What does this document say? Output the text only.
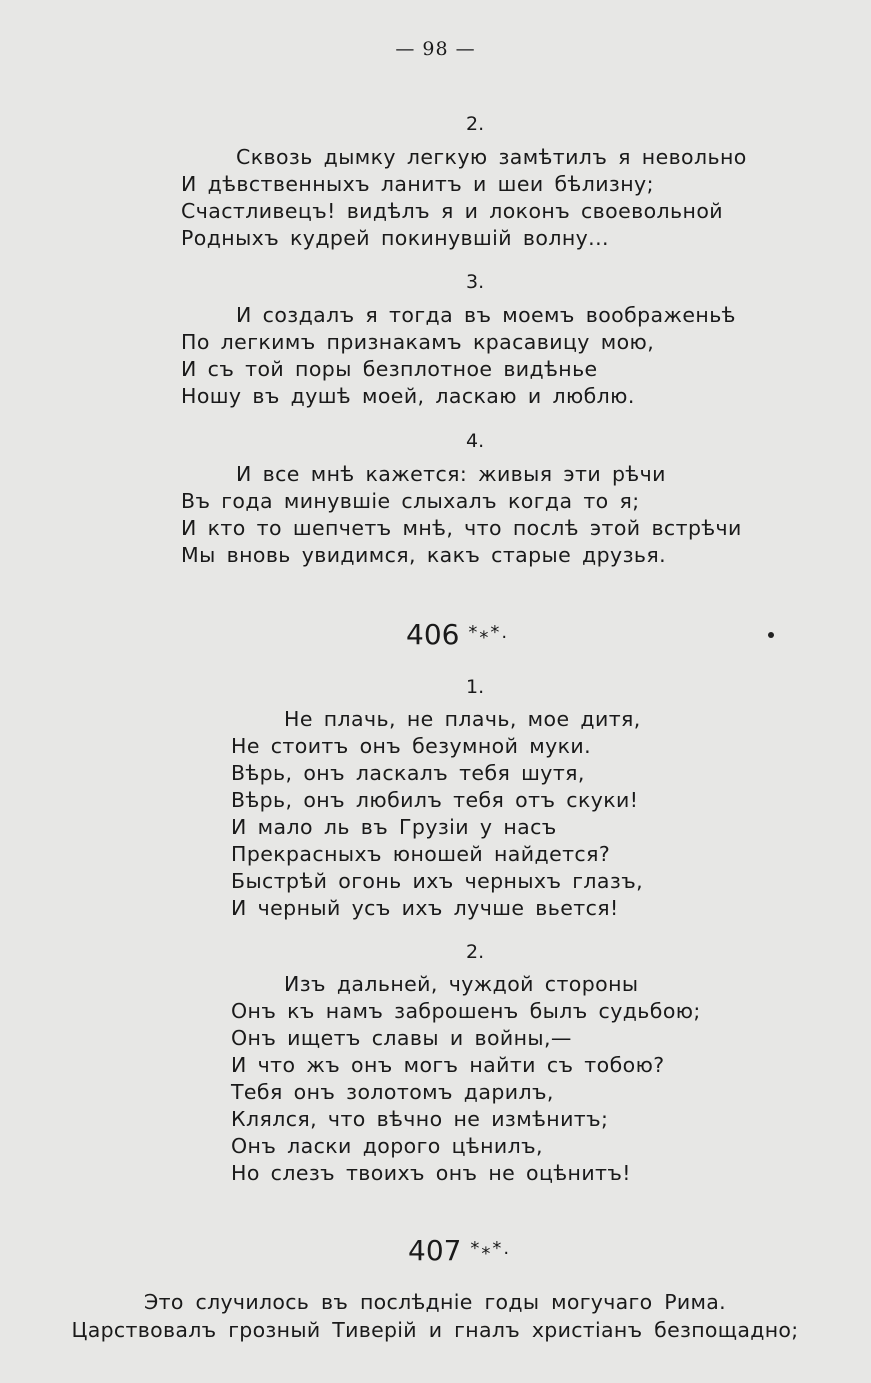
— 98 —
2.
Сквозь дымку легкую замѣтилъ я невольно
И дѣвственныхъ ланитъ и шеи бѣлизну;
Счастливецъ! видѣлъ я и локонъ своевольной
Родныхъ кудрей покинувшій волну...
3.
И создалъ я тогда въ моемъ воображеньѣ
По легкимъ признакамъ красавицу мою,
И съ той поры безплотное видѣнье
Ношу въ душѣ моей, ласкаю и люблю.
4.
И все мнѣ кажется: живыя эти рѣчи
Въ года минувшіе слыхалъ когда то я;
И кто то шепчетъ мнѣ, что послѣ этой встрѣчи
Мы вновь увидимся, какъ старые друзья.
406 *⁎*.
1.
Не плачь, не плачь, мое дитя,
Не стоитъ онъ безумной муки.
Вѣрь, онъ ласкалъ тебя шутя,
Вѣрь, онъ любилъ тебя отъ скуки!
И мало ль въ Грузіи у насъ
Прекрасныхъ юношей найдется?
Быстрѣй огонь ихъ черныхъ глазъ,
И черный усъ ихъ лучше вьется!
2.
Изъ дальней, чуждой стороны
Онъ къ намъ заброшенъ былъ судьбою;
Онъ ищетъ славы и войны,—
И что жъ онъ могъ найти съ тобою?
Тебя онъ золотомъ дарилъ,
Клялся, что вѣчно не измѣнитъ;
Онъ ласки дорого цѣнилъ,
Но слезъ твоихъ онъ не оцѣнитъ!
407 *⁎*.
Это случилось въ послѣдніе годы могучаго Рима.
Царствовалъ грозный Тиверій и гналъ христіанъ безпощадно;
